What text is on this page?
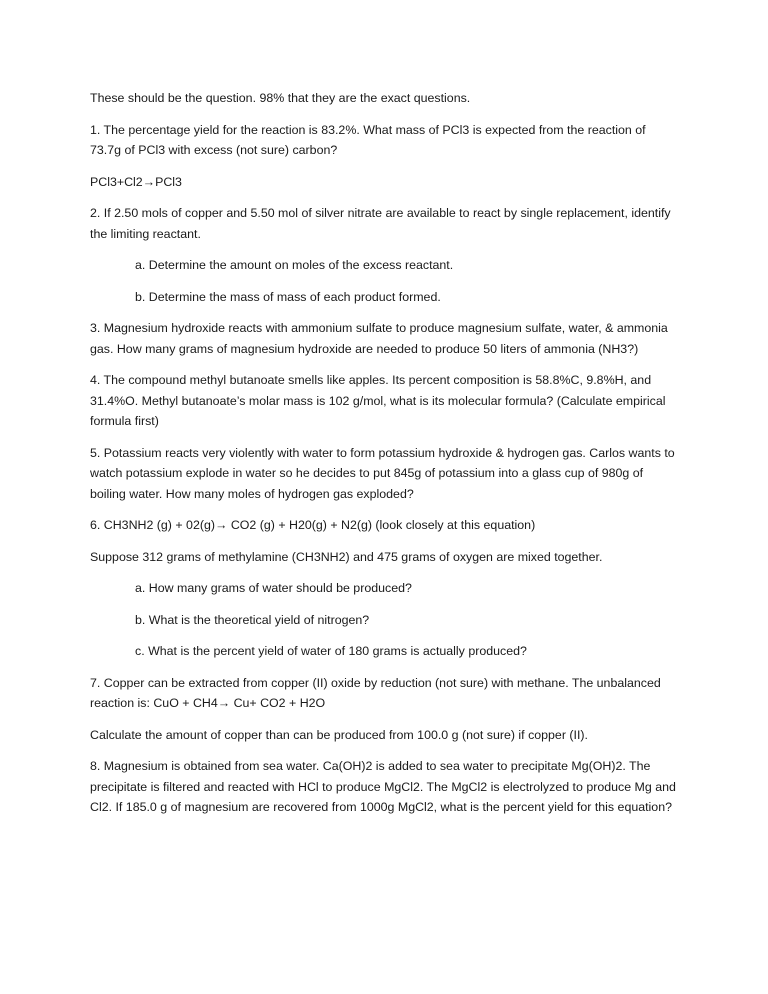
These should be the question. 98% that they are the exact questions.

1. The percentage yield for the reaction is 83.2%. What mass of PCl3 is expected from the reaction of 73.7g of PCl3 with excess (not sure) carbon?

PCl3+Cl2→PCl3

2. If 2.50 mols of copper and 5.50 mol of silver nitrate are available to react by single replacement, identify the limiting reactant.

a. Determine the amount on moles of the excess reactant.

b. Determine the mass of mass of each product formed.

3. Magnesium hydroxide reacts with ammonium sulfate to produce magnesium sulfate, water, & ammonia gas. How many grams of magnesium hydroxide are needed to produce 50 liters of ammonia (NH3?)

4. The compound methyl butanoate smells like apples. Its percent composition is 58.8%C, 9.8%H, and 31.4%O. Methyl butanoate’s molar mass is 102 g/mol, what is its molecular formula? (Calculate empirical formula first)

5. Potassium reacts very violently with water to form potassium hydroxide & hydrogen gas. Carlos wants to watch potassium explode in water so he decides to put 845g of potassium into a glass cup of 980g of boiling water. How many moles of hydrogen gas exploded?

6. CH3NH2 (g) + 02(g)→ CO2 (g) + H20(g) + N2(g) (look closely at this equation)

Suppose 312 grams of methylamine (CH3NH2) and 475 grams of oxygen are mixed together.

a. How many grams of water should be produced?

b. What is the theoretical yield of nitrogen?

c. What is the percent yield of water of 180 grams is actually produced?

7. Copper can be extracted from copper (II) oxide by reduction (not sure) with methane. The unbalanced reaction is: CuO + CH4→ Cu+ CO2 + H2O

Calculate the amount of copper than can be produced from 100.0 g (not sure) if copper (II).

8. Magnesium is obtained from sea water. Ca(OH)2 is added to sea water to precipitate Mg(OH)2. The precipitate is filtered and reacted with HCl to produce MgCl2. The MgCl2 is electrolyzed to produce Mg and Cl2. If 185.0 g of magnesium are recovered from 1000g MgCl2, what is the percent yield for this equation?
